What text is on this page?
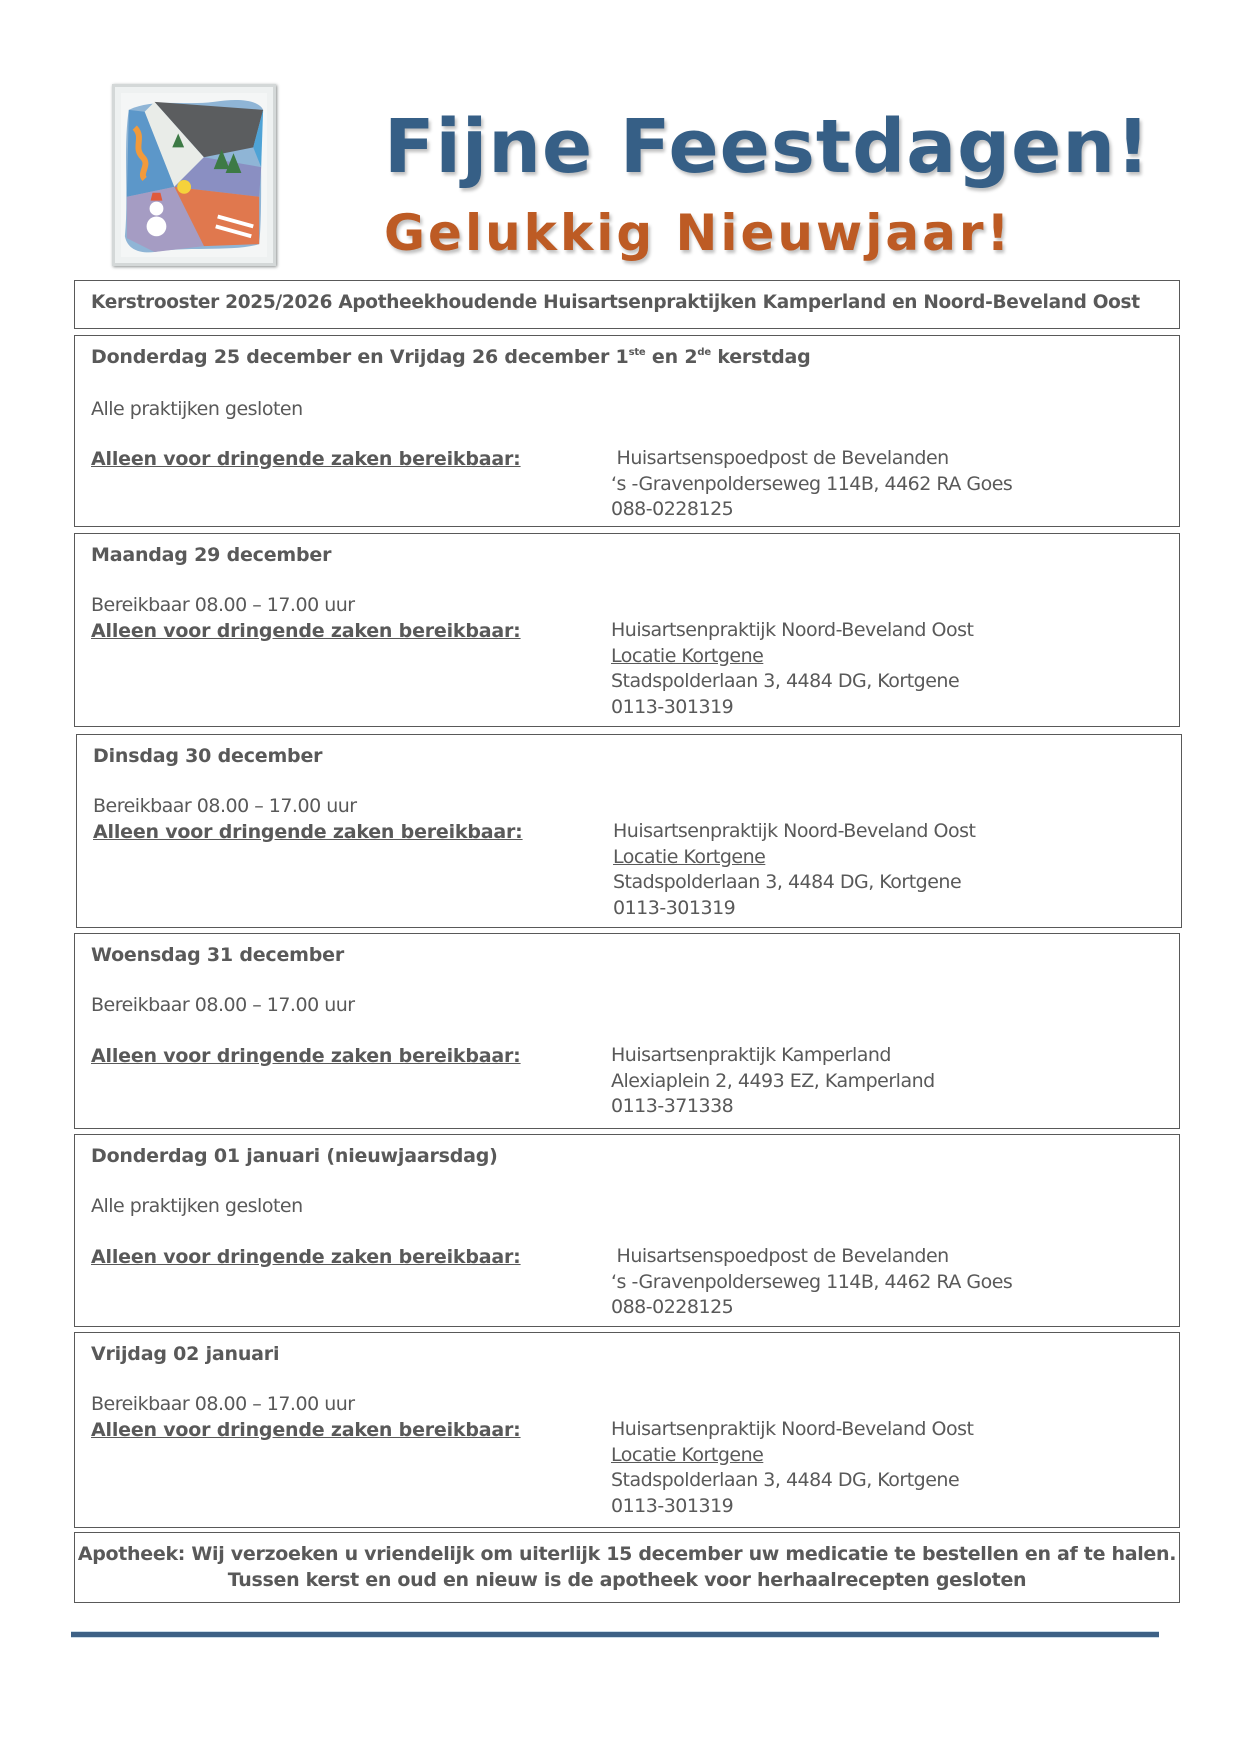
Fijne Feestdagen!
Gelukkig Nieuwjaar!
Kerstrooster 2025/2026 Apotheekhoudende Huisartsenpraktijken Kamperland en Noord-Beveland Oost
Donderdag 25 december en Vrijdag 26 december 1ste en 2de kerstdag
Alle praktijken gesloten
Alleen voor dringende zaken bereikbaar:	Huisartsenspoedpost de Bevelanden
‘s -Gravenpolderseweg 114B, 4462 RA Goes
088-0228125
Maandag 29 december
Bereikbaar 08.00 – 17.00 uur
Alleen voor dringende zaken bereikbaar:	Huisartsenpraktijk Noord-Beveland Oost
Locatie Kortgene
Stadspolderlaan 3, 4484 DG, Kortgene
0113-301319
Dinsdag 30 december
Bereikbaar 08.00 – 17.00 uur
Alleen voor dringende zaken bereikbaar:	Huisartsenpraktijk Noord-Beveland Oost
Locatie Kortgene
Stadspolderlaan 3, 4484 DG, Kortgene
0113-301319
Woensdag 31 december
Bereikbaar 08.00 – 17.00 uur
Alleen voor dringende zaken bereikbaar:	Huisartsenpraktijk Kamperland
Alexiaplein 2, 4493 EZ, Kamperland
0113-371338
Donderdag 01 januari (nieuwjaarsdag)
Alle praktijken gesloten
Alleen voor dringende zaken bereikbaar:	Huisartsenspoedpost de Bevelanden
‘s -Gravenpolderseweg 114B, 4462 RA Goes
088-0228125
Vrijdag 02 januari
Bereikbaar 08.00 – 17.00 uur
Alleen voor dringende zaken bereikbaar:	Huisartsenpraktijk Noord-Beveland Oost
Locatie Kortgene
Stadspolderlaan 3, 4484 DG, Kortgene
0113-301319
Apotheek: Wij verzoeken u vriendelijk om uiterlijk 15 december uw medicatie te bestellen en af te halen.
Tussen kerst en oud en nieuw is de apotheek voor herhaalrecepten gesloten
